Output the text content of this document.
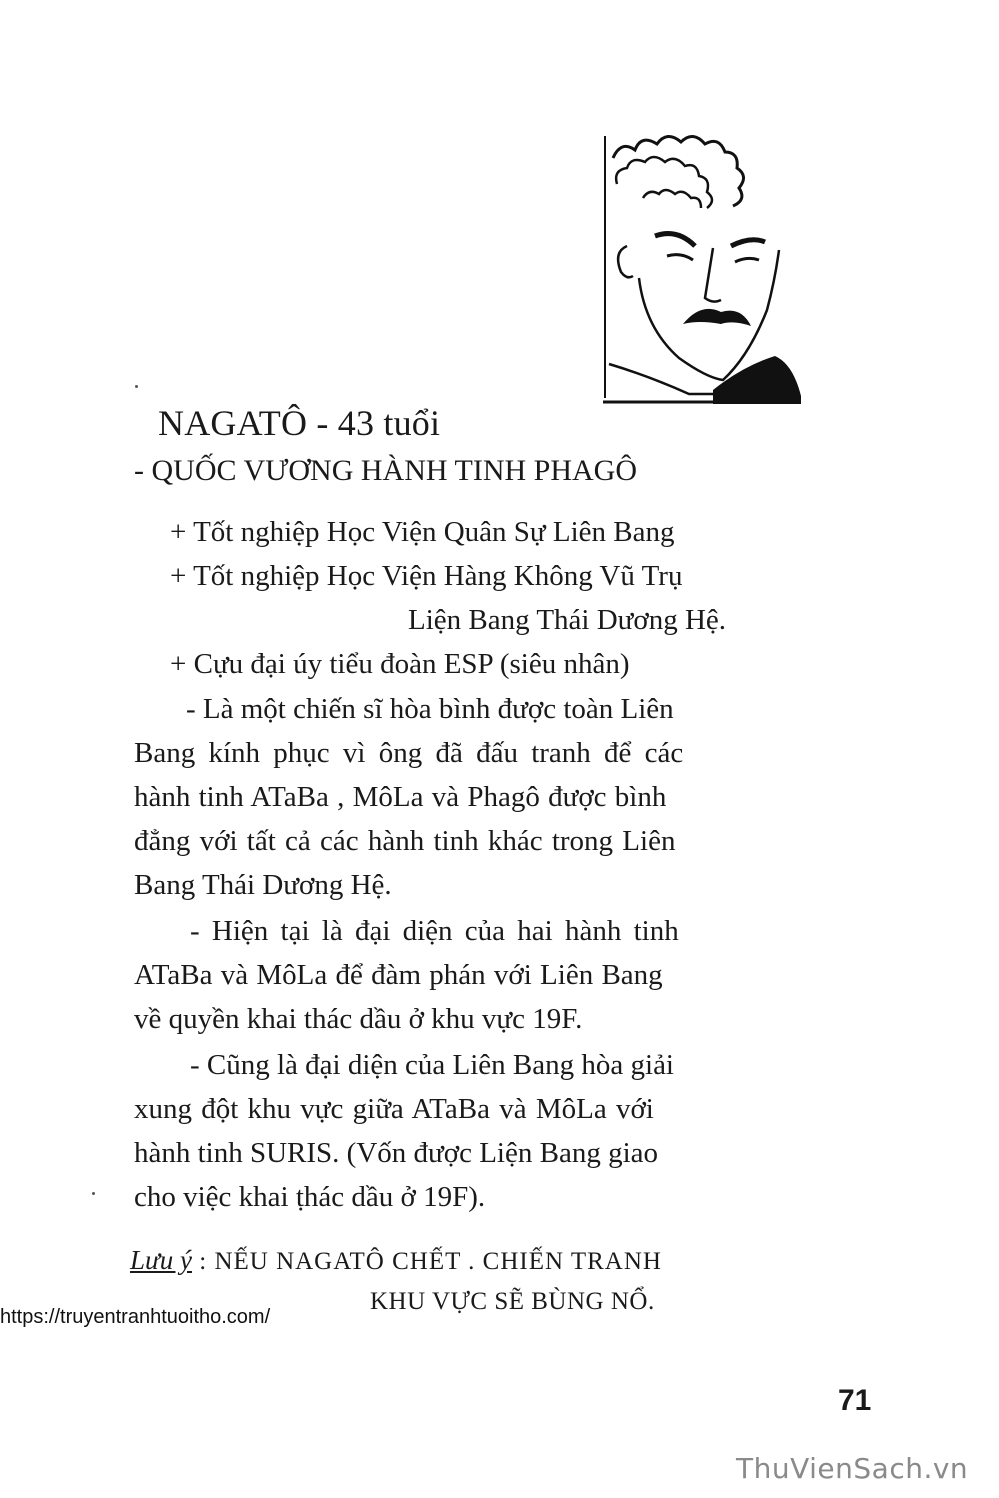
NAGATÔ - 43 tuổi
- QUỐC VƯƠNG HÀNH TINH PHAGÔ
+ Tốt nghiệp Học Viện Quân Sự Liên Bang
+ Tốt nghiệp Học Viện Hàng Không Vũ Trụ
Liện Bang Thái Dương Hệ.
+ Cựu đại úy tiểu đoàn ESP (siêu nhân)
- Là một chiến sĩ hòa bình được toàn Liên
Bang kính phục vì ông đã đấu tranh để các
hành tinh ATaBa , MôLa và Phagô được bình
đẳng với tất cả các hành tinh khác trong Liên
Bang Thái Dương Hệ.
- Hiện tại là đại diện của hai hành tinh
ATaBa và MôLa để đàm phán với Liên Bang
về quyền khai thác dầu ở khu vực 19F.
- Cũng là đại diện của Liên Bang hòa giải
xung đột khu vực giữa ATaBa và MôLa với
hành tinh SURIS. (Vốn được Liện Bang giao
cho việc khai ṭhác dầu ở 19F).
Lưu ý : NẾU NAGATÔ CHẾT . CHIẾN TRANH
KHU VỰC SẼ BÙNG NỔ.
https://truyentranhtuoitho.com/
71
ThuVienSach.vn
